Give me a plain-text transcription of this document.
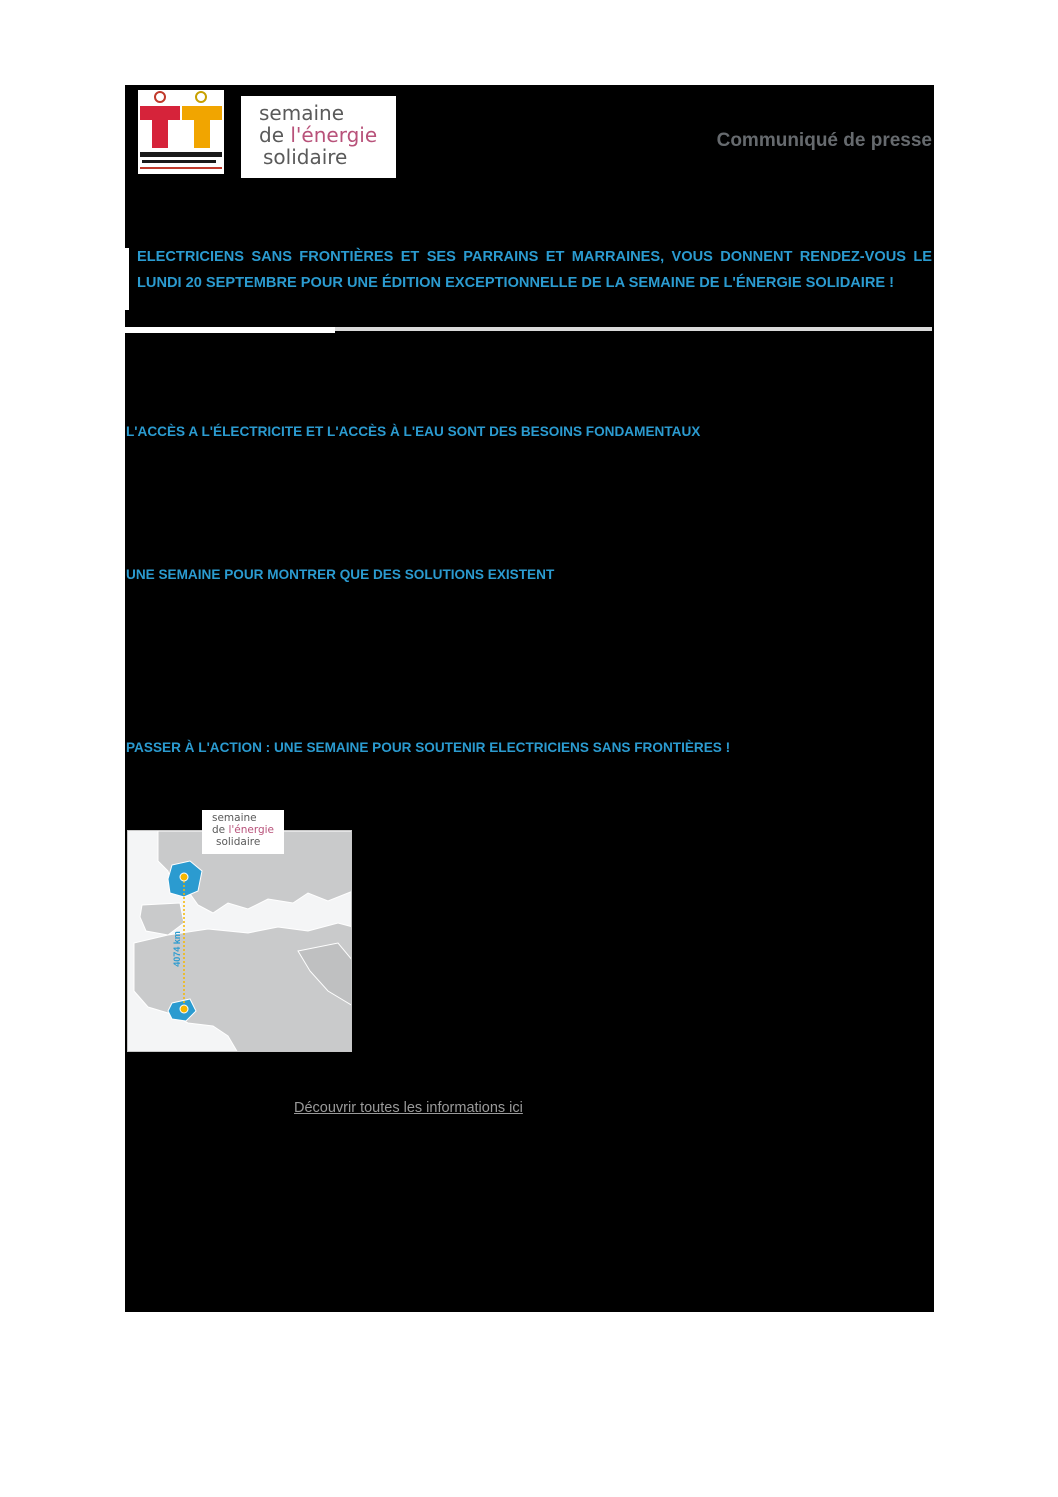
semaine
de l'énergie
solidaire
Communiqué de presse
ELECTRICIENS SANS FRONTIÈRES ET SES PARRAINS ET MARRAINES, VOUS DONNENT RENDEZ-VOUS LE LUNDI 20 SEPTEMBRE POUR UNE ÉDITION EXCEPTIONNELLE DE LA SEMAINE DE L'ÉNERGIE SOLIDAIRE !
L'ACCÈS A L'ÉLECTRICITE ET L'ACCÈS À L'EAU SONT DES BESOINS FONDAMENTAUX
UNE SEMAINE POUR MONTRER QUE DES SOLUTIONS EXISTENT
PASSER À L'ACTION : UNE SEMAINE POUR SOUTENIR ELECTRICIENS SANS FRONTIÈRES !
4074 km
semaine
de l'énergie
solidaire
Découvrir toutes les informations ici
